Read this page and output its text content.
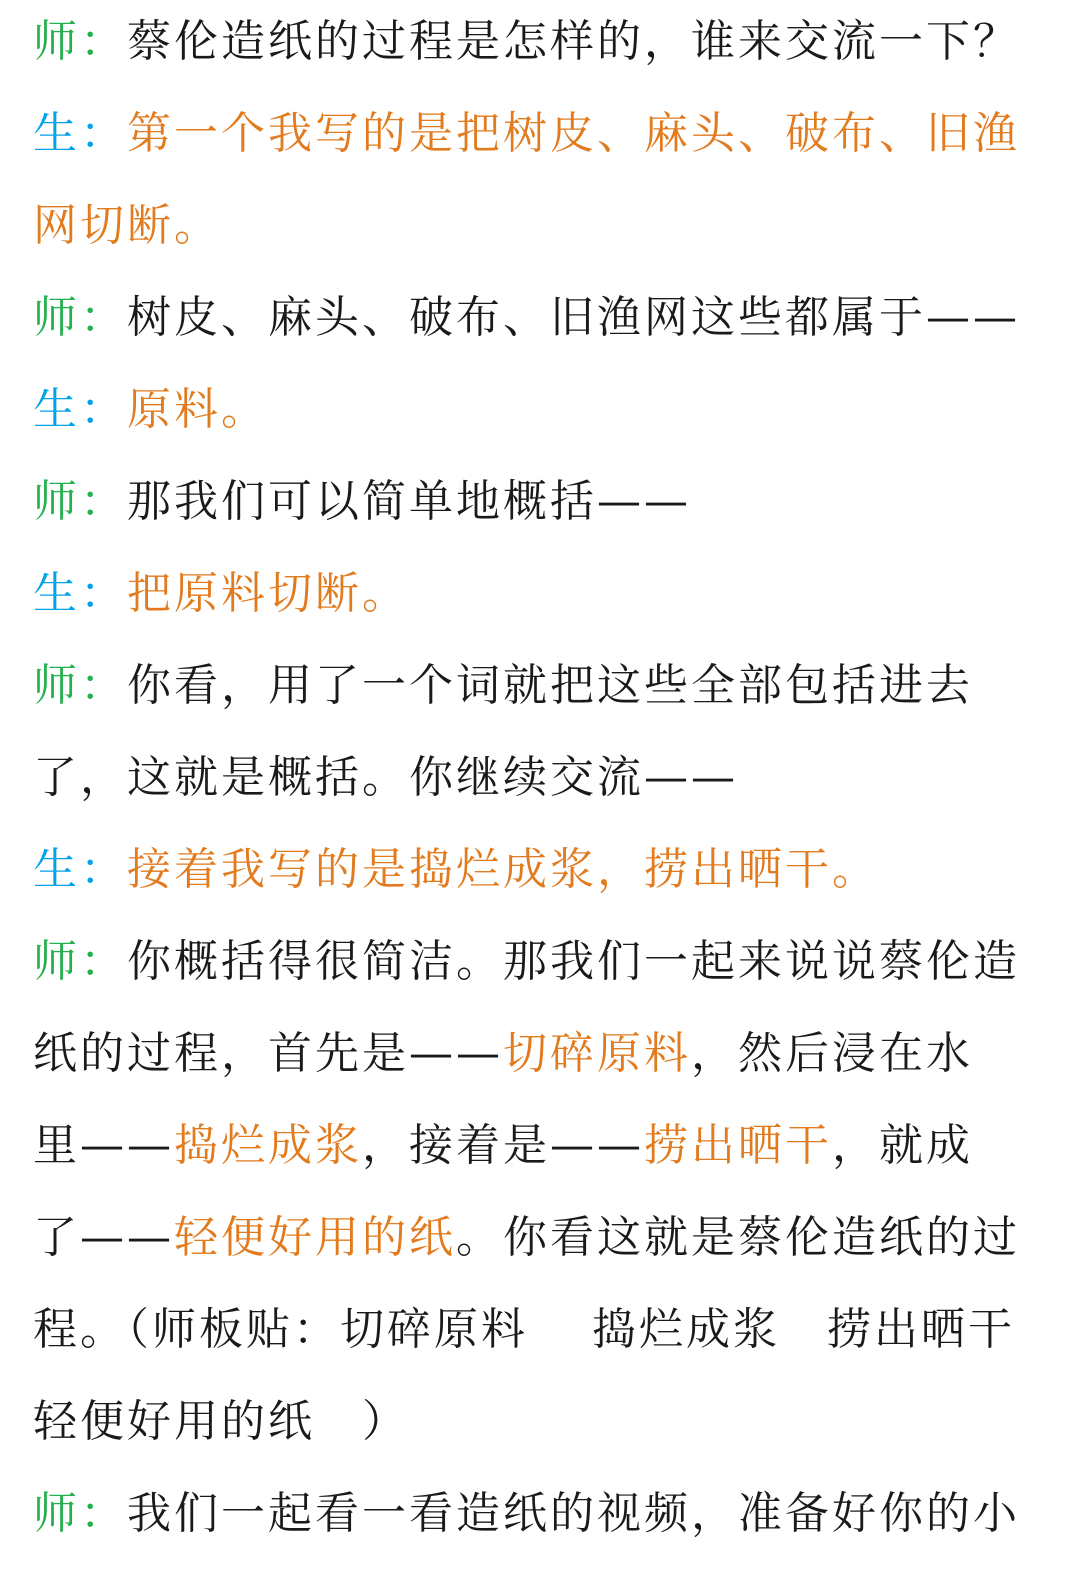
师：蔡伦造纸的过程是怎样的，谁来交流一下？
生：第一个我写的是把树皮、麻头、破布、旧渔
网切断。
师：树皮、麻头、破布、旧渔网这些都属于——
生：原料。
师：那我们可以简单地概括——
生：把原料切断。
师：你看，用了一个词就把这些全部包括进去
了，这就是概括。你继续交流——
生：接着我写的是捣烂成浆，捞出晒干。
师：你概括得很简洁。那我们一起来说说蔡伦造
纸的过程，首先是——切碎原料，然后浸在水
里——捣烂成浆，接着是——捞出晒干，就成
了——轻便好用的纸。你看这就是蔡伦造纸的过
程。（师板贴：切碎原料　 捣烂成浆　捞出晒干
轻便好用的纸　）
师：我们一起看一看造纸的视频，准备好你的小
